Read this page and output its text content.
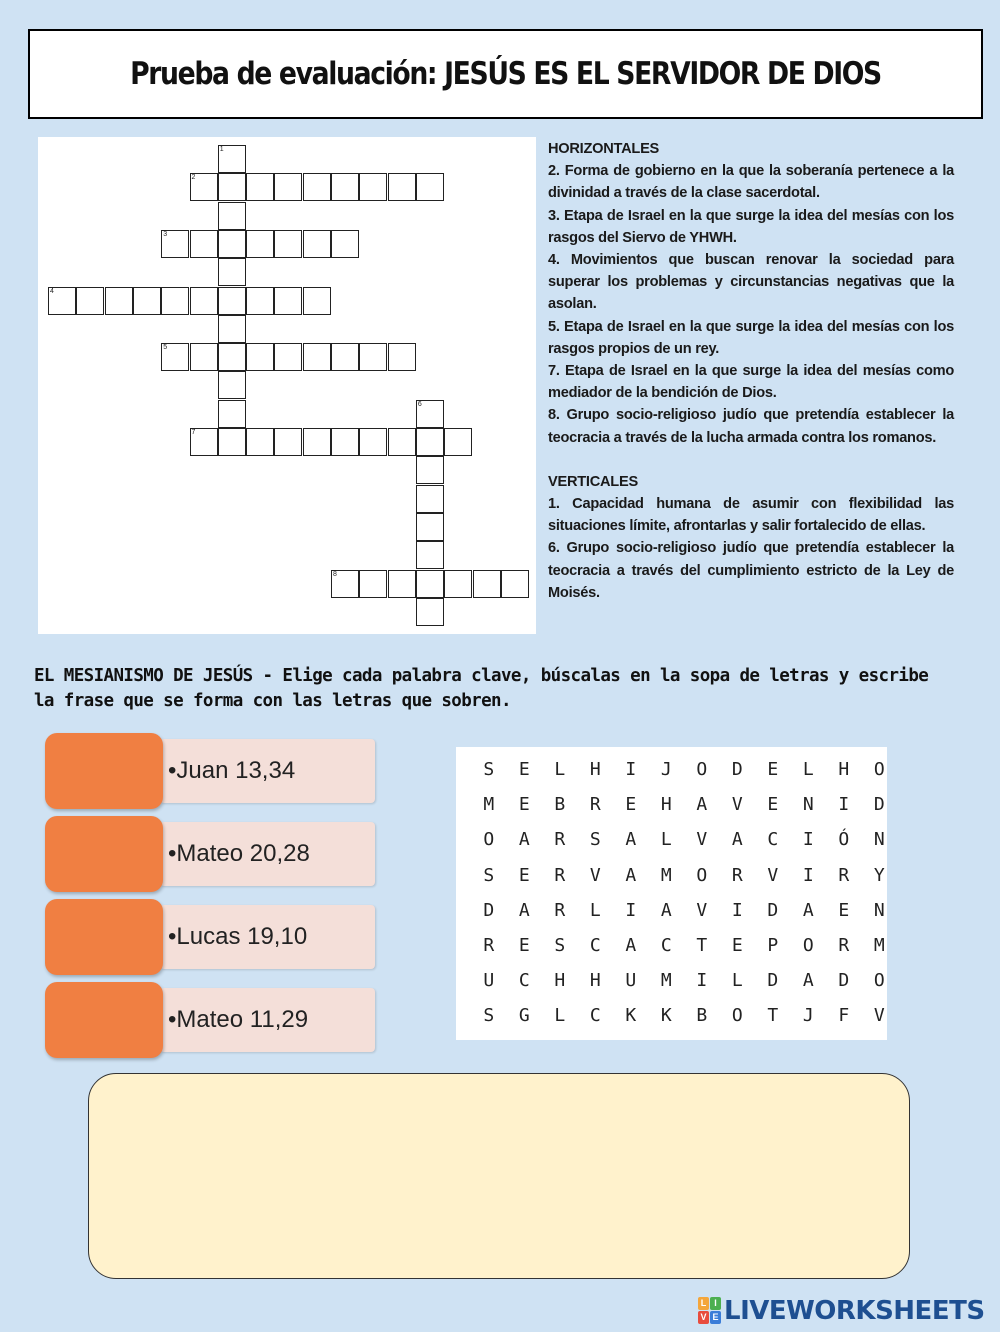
Prueba de evaluación: JESÚS ES EL SERVIDOR DE DIOS
1
2
3
4
5
6
7
8

HORIZONTALES

2. Forma de gobierno en la que la soberanía pertenece a la divinidad a través de la clase sacerdotal.

3. Etapa de Israel en la que surge la idea del mesías con los rasgos del Siervo de YHWH.

4. Movimientos que buscan renovar la sociedad para superar los problemas y circunstancias negativas que la asolan.

5. Etapa de Israel en la que surge la idea del mesías con los rasgos propios de un rey.

7. Etapa de Israel en la que surge la idea del mesías como mediador de la bendición de Dios.

8. Grupo socio-religioso judío que pretendía establecer la teocracia a través de la lucha armada contra los romanos.

VERTICALES

1. Capacidad humana de asumir con flexibilidad las situaciones límite, afrontarlas y salir fortalecido de ellas.

6. Grupo socio-religioso judío que pretendía establecer la teocracia a través del cumplimiento estricto de la Ley de Moisés.

EL MESIANISMO DE JESÚS - Elige cada palabra clave, búscalas en la sopa de letras y escribe la frase que se forma con las letras que sobren.
•Juan 13,34
•Mateo 20,28
•Lucas 19,10
•Mateo 11,29
S	E	L	H	I	J	O	D	E	L	H	O
M	E	B	R	E	H	A	V	E	N	I	D
O	A	R	S	A	L	V	A	C	I	Ó	N
S	E	R	V	A	M	O	R	V	I	R	Y
D	A	R	L	I	A	V	I	D	A	E	N
R	E	S	C	A	C	T	E	P	O	R	M
U	C	H	H	U	M	I	L	D	A	D	O
S	G	L	C	K	K	B	O	T	J	F	V
L I
V E LIVEWORKSHEETS
